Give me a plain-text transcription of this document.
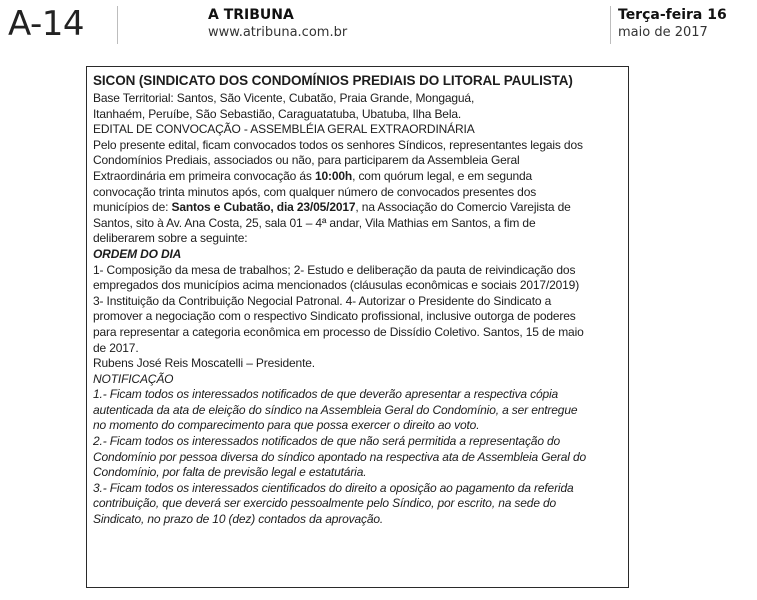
A-14	A TRIBUNA
www.atribuna.com.br
Terça-feira 16
maio de 2017
SICON (SINDICATO DOS CONDOMÍNIOS PREDIAIS DO LITORAL PAULISTA)
Base Territorial: Santos, São Vicente, Cubatão, Praia Grande, Mongaguá,
Itanhaém, Peruíbe, São Sebastião, Caraguatatuba, Ubatuba, Ilha Bela.
EDITAL DE CONVOCAÇÃO - ASSEMBLÉIA GERAL EXTRAORDINÁRIA
Pelo presente edital, ficam convocados todos os senhores Síndicos, representantes legais dos
Condomínios Prediais, associados ou não, para participarem da Assembleia Geral
Extraordinária em primeira convocação ás 10:00h, com quórum legal, e em segunda
convocação trinta minutos após, com qualquer número de convocados presentes dos
municípios de: Santos e Cubatão, dia 23/05/2017, na Associação do Comercio Varejista de
Santos, sito à Av. Ana Costa, 25, sala 01 – 4ª andar, Vila Mathias em Santos, a fim de
deliberarem sobre a seguinte:
ORDEM DO DIA
1- Composição da mesa de trabalhos; 2- Estudo e deliberação da pauta de reivindicação dos
empregados dos municípios acima mencionados (cláusulas econômicas e sociais 2017/2019)
3- Instituição da Contribuição Negocial Patronal. 4- Autorizar o Presidente do Sindicato a
promover a negociação com o respectivo Sindicato profissional, inclusive outorga de poderes
para representar a categoria econômica em processo de Dissídio Coletivo. Santos, 15 de maio
de 2017.
Rubens José Reis Moscatelli – Presidente.
NOTIFICAÇÃO
1.- Ficam todos os interessados notificados de que deverão apresentar a respectiva cópia
autenticada da ata de eleição do síndico na Assembleia Geral do Condomínio, a ser entregue
no momento do comparecimento para que possa exercer o direito ao voto.
2.- Ficam todos os interessados notificados de que não será permitida a representação do
Condomínio por pessoa diversa do síndico apontado na respectiva ata de Assembleia Geral do
Condomínio, por falta de previsão legal e estatutária.
3.- Ficam todos os interessados cientificados do direito a oposição ao pagamento da referida
contribuição, que deverá ser exercido pessoalmente pelo Síndico, por escrito, na sede do
Sindicato, no prazo de 10 (dez) contados da aprovação.
